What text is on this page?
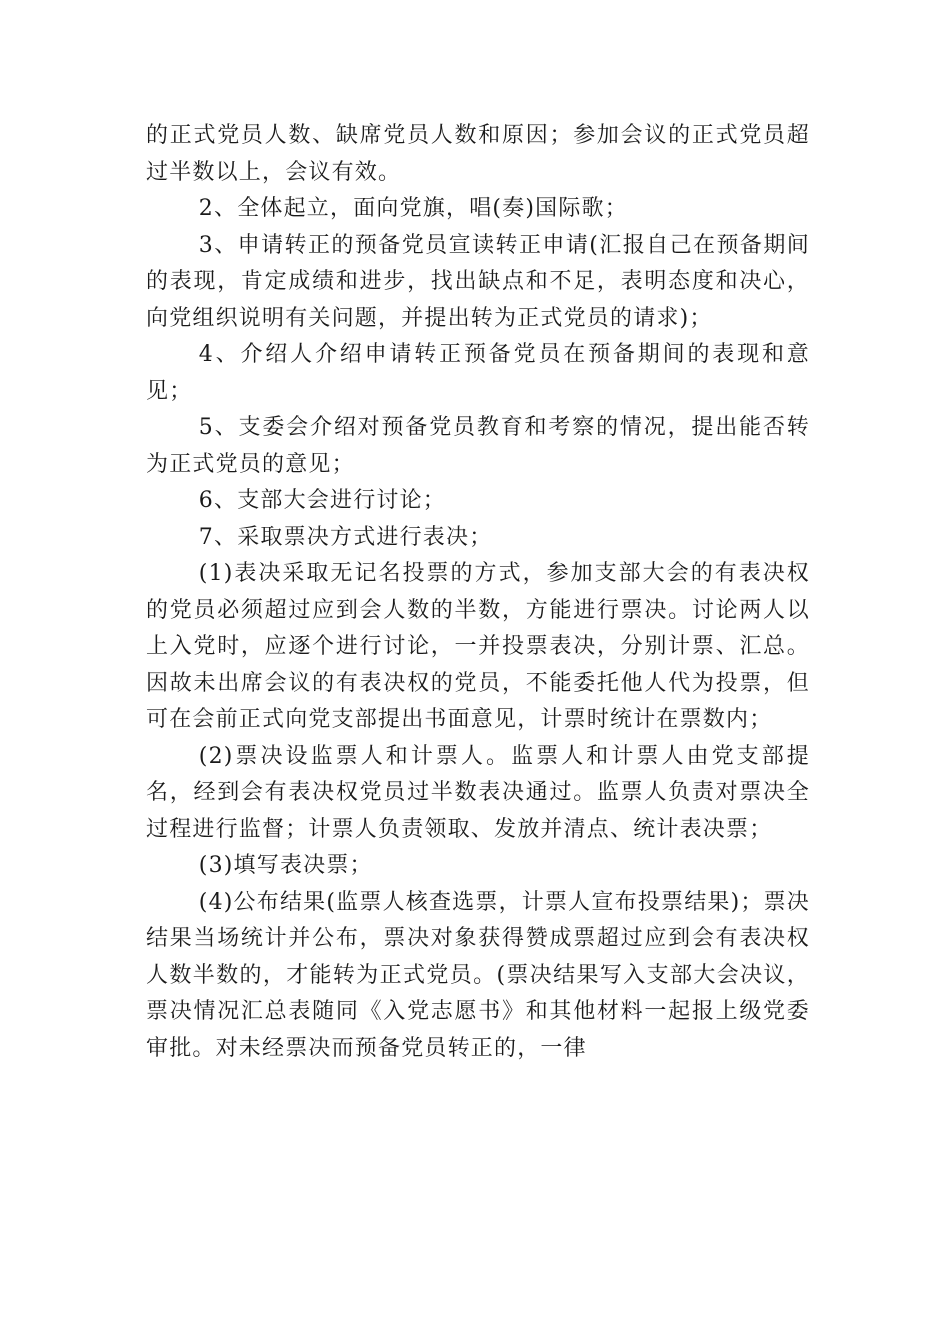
的正式党员人数、缺席党员人数和原因；参加会议的正式党员超过半数以上，会议有效。

2、全体起立，面向党旗，唱(奏)国际歌；

3、申请转正的预备党员宣读转正申请(汇报自己在预备期间的表现，肯定成绩和进步，找出缺点和不足，表明态度和决心，向党组织说明有关问题，并提出转为正式党员的请求)；

4、介绍人介绍申请转正预备党员在预备期间的表现和意见；

5、支委会介绍对预备党员教育和考察的情况，提出能否转为正式党员的意见；

6、支部大会进行讨论；

7、采取票决方式进行表决；

(1)表决采取无记名投票的方式，参加支部大会的有表决权的党员必须超过应到会人数的半数，方能进行票决。讨论两人以上入党时，应逐个进行讨论，一并投票表决，分别计票、汇总。因故未出席会议的有表决权的党员，不能委托他人代为投票，但可在会前正式向党支部提出书面意见，计票时统计在票数内；

(2)票决设监票人和计票人。监票人和计票人由党支部提名，经到会有表决权党员过半数表决通过。监票人负责对票决全过程进行监督；计票人负责领取、发放并清点、统计表决票；

(3)填写表决票；

(4)公布结果(监票人核查选票，计票人宣布投票结果)；票决结果当场统计并公布，票决对象获得赞成票超过应到会有表决权人数半数的，才能转为正式党员。(票决结果写入支部大会决议，票决情况汇总表随同《入党志愿书》和其他材料一起报上级党委审批。对未经票决而预备党员转正的，一律
